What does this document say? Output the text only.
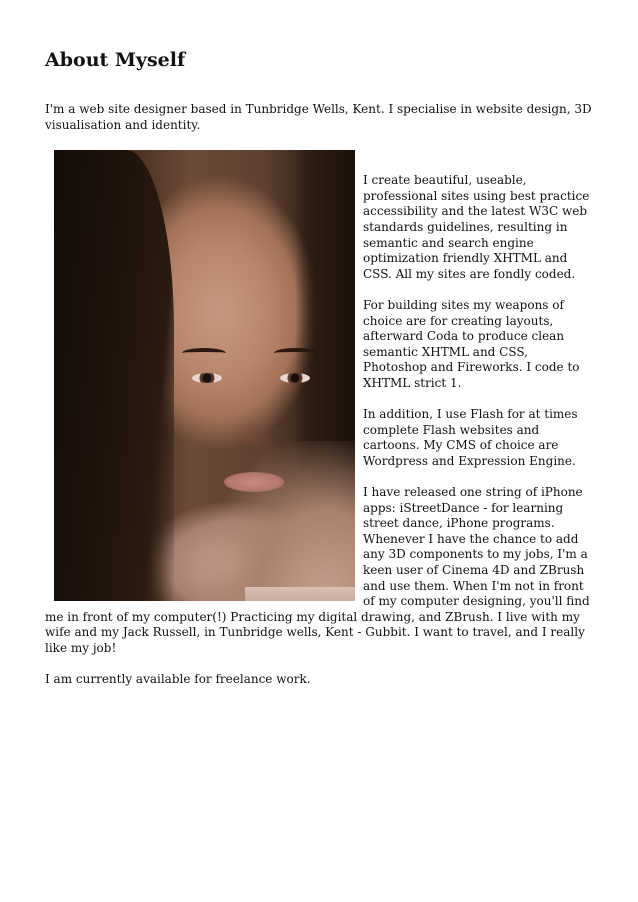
About Myself

I'm a web site designer based in Tunbridge Wells, Kent. I specialise in website design, 3D visualisation and identity.

I create beautiful, useable, professional sites using best practice accessibility and the latest W3C web standards guidelines, resulting in semantic and search engine optimization friendly XHTML and CSS. All my sites are fondly coded.

For building sites my weapons of choice are for creating layouts, afterward Coda to produce clean semantic XHTML and CSS, Photoshop and Fireworks. I code to XHTML strict 1.

In addition, I use Flash for at times complete Flash websites and cartoons. My CMS of choice are Wordpress and Expression Engine.

I have released one string of iPhone apps: iStreetDance - for learning street dance, iPhone programs. Whenever I have the chance to add any 3D components to my jobs, I'm a keen user of Cinema 4D and ZBrush and use them. When I'm not in front of my computer designing, you'll find me in front of my computer(!) Practicing my digital drawing, and ZBrush. I live with my wife and my Jack Russell, in Tunbridge wells, Kent - Gubbit. I want to travel, and I really like my job!

I am currently available for freelance work.
